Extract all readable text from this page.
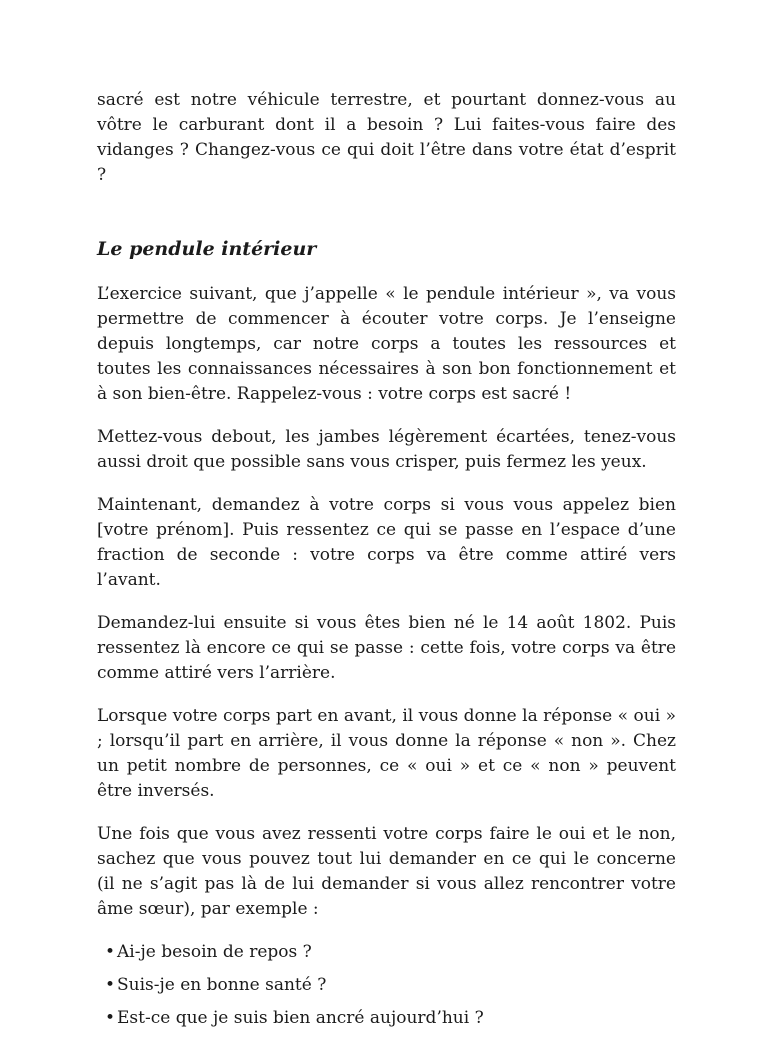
sacré est notre véhicule terrestre, et pourtant donnez-vous au vôtre le carburant dont il a besoin ? Lui faites-vous faire des vidanges ? Changez-vous ce qui doit l’être dans votre état d’esprit ?

Le pendule intérieur

L’exercice suivant, que j’appelle « le pendule intérieur », va vous permettre de commencer à écouter votre corps. Je l’enseigne depuis longtemps, car notre corps a toutes les ressources et toutes les connaissances nécessaires à son bon fonctionnement et à son bien-être. Rappelez-vous : votre corps est sacré !

Mettez-vous debout, les jambes légèrement écartées, tenez-vous aussi droit que possible sans vous crisper, puis fermez les yeux.

Maintenant, demandez à votre corps si vous vous appelez bien [votre prénom]. Puis ressentez ce qui se passe en l’espace d’une fraction de seconde : votre corps va être comme attiré vers l’avant.

Demandez-lui ensuite si vous êtes bien né le 14 août 1802. Puis ressentez là encore ce qui se passe : cette fois, votre corps va être comme attiré vers l’arrière.

Lorsque votre corps part en avant, il vous donne la réponse « oui » ; lorsqu’il part en arrière, il vous donne la réponse « non ». Chez un petit nombre de personnes, ce « oui » et ce « non » peuvent être inversés.

Une fois que vous avez ressenti votre corps faire le oui et le non, sachez que vous pouvez tout lui demander en ce qui le concerne (il ne s’agit pas là de lui demander si vous allez rencontrer votre âme sœur), par exemple :

• Ai-je besoin de repos ?
• Suis-je en bonne santé ?
• Est-ce que je suis bien ancré aujourd’hui ?
